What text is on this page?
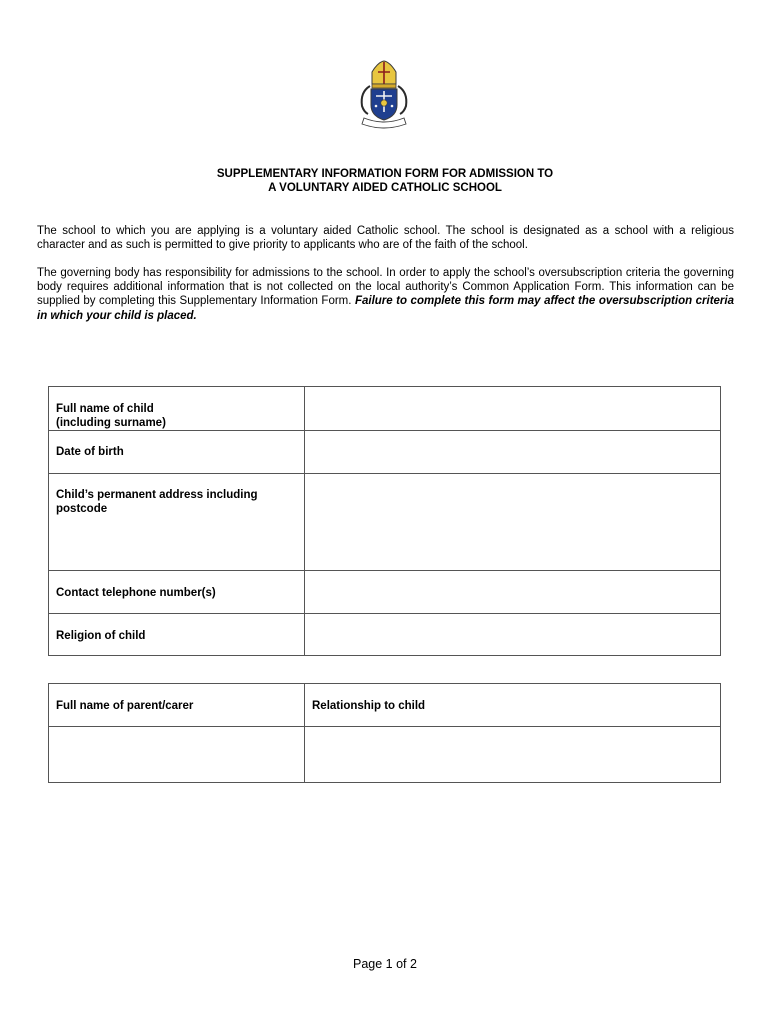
SUPPLEMENTARY INFORMATION FORM FOR ADMISSION TO
A VOLUNTARY AIDED CATHOLIC SCHOOL
The school to which you are applying is a voluntary aided Catholic school. The school is designated as a school with a religious character and as such is permitted to give priority to applicants who are of the faith of the school.
The governing body has responsibility for admissions to the school. In order to apply the school’s oversubscription criteria the governing body requires additional information that is not collected on the local authority’s Common Application Form. This information can be supplied by completing this Supplementary Information Form. Failure to complete this form may affect the oversubscription criteria in which your child is placed.
Full name of child
(including surname)

Date of birth

Child’s permanent address including
postcode

Contact telephone number(s)

Religion of child

Full name of parent/carer	Relationship to child

Page 1 of 2
